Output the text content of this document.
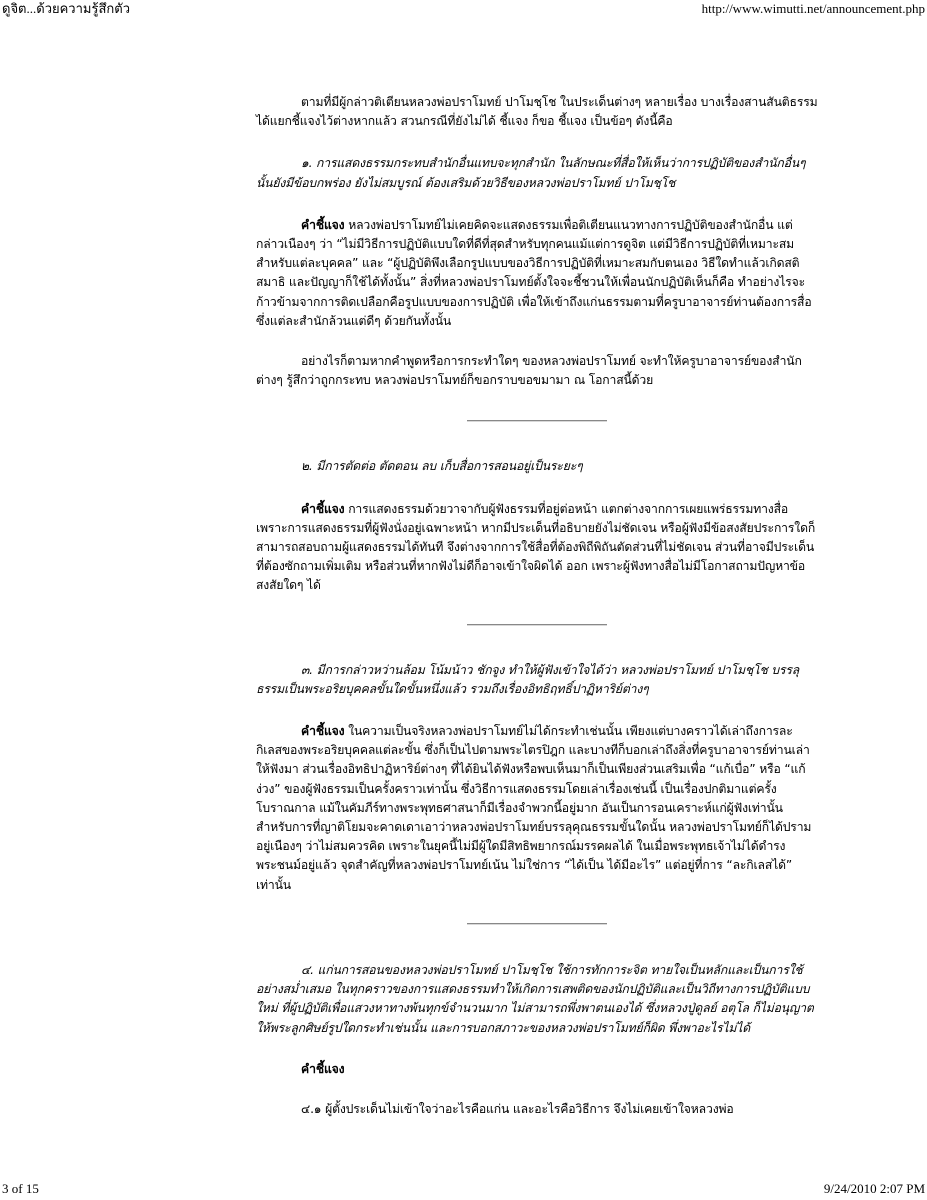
ดูจิต...ด้วยความรู้สึกตัว	http://www.wimutti.net/announcement.php

ตามที่มีผู้กล่าวติเตียนหลวงพ่อปราโมทย์ ปาโมชฺโช ในประเด็นต่างๆ หลายเรื่อง บางเรื่องสานสันติธรรมได้แยกชี้แจงไว้ต่างหากแล้ว สวนกรณีที่ยังไม่ได้ ชี้แจง ก็ขอ ชี้แจง เป็นข้อๆ ดังนี้คือ

๑. การแสดงธรรมกระทบสำนักอื่นแทบจะทุกสำนัก ในลักษณะที่สื่อให้เห็นว่าการปฏิบัติของสำนักอื่นๆนั้นยังมีข้อบกพร่อง ยังไม่สมบูรณ์ ต้องเสริมด้วยวิธีของหลวงพ่อปราโมทย์ ปาโมชฺโช

คำชี้แจง หลวงพ่อปราโมทย์ไม่เคยคิดจะแสดงธรรมเพื่อติเตียนแนวทางการปฏิบัติของสำนักอื่น แต่กล่าวเนืองๆ ว่า “ไม่มีวิธีการปฏิบัติแบบใดที่ดีที่สุดสำหรับทุกคนแม้แต่การดูจิต แต่มีวิธีการปฏิบัติที่เหมาะสมสำหรับแต่ละบุคคล” และ “ผู้ปฏิบัติพึงเลือกรูปแบบของวิธีการปฏิบัติที่เหมาะสมกับตนเอง วิธีใดทำแล้วเกิดสติ สมาธิ และปัญญาก็ใช้ได้ทั้งนั้น” สิ่งที่หลวงพ่อปราโมทย์ตั้งใจจะชี้ชวนให้เพื่อนนักปฏิบัติเห็นก็คือ ทำอย่างไรจะก้าวข้ามจากการติดเปลือกคือรูปแบบของการปฏิบัติ เพื่อให้เข้าถึงแก่นธรรมตามที่ครูบาอาจารย์ท่านต้องการสื่อ ซึ่งแต่ละสำนักล้วนแต่ดีๆ ด้วยกันทั้งนั้น

อย่างไรก็ตามหากคำพูดหรือการกระทำใดๆ ของหลวงพ่อปราโมทย์ จะทำให้ครูบาอาจารย์ของสำนักต่างๆ รู้สึกว่าถูกกระทบ หลวงพ่อปราโมทย์ก็ขอกราบขอขมามา ณ โอกาสนี้ด้วย

๒. มีการตัดต่อ ตัดตอน ลบ เก็บสื่อการสอนอยู่เป็นระยะๆ

คำชี้แจง การแสดงธรรมด้วยวาจากับผู้ฟังธรรมที่อยู่ต่อหน้า แตกต่างจากการเผยแพร่ธรรมทางสื่อ เพราะการแสดงธรรมที่ผู้ฟังนั่งอยู่เฉพาะหน้า หากมีประเด็นที่อธิบายยังไม่ชัดเจน หรือผู้ฟังมีข้อสงสัยประการใดก็สามารถสอบถามผู้แสดงธรรมได้ทันที จึงต่างจากการใช้สื่อที่ต้องพิถีพิถันตัดส่วนที่ไม่ชัดเจน ส่วนที่อาจมีประเด็นที่ต้องซักถามเพิ่มเติม หรือส่วนที่หากฟังไม่ดีก็อาจเข้าใจผิดได้ ออก เพราะผู้ฟังทางสื่อไม่มีโอกาสถามปัญหาข้อสงสัยใดๆ ได้

๓. มีการกล่าวหว่านล้อม โน้มน้าว ชักจูง ทำให้ผู้ฟังเข้าใจได้ว่า หลวงพ่อปราโมทย์ ปาโมชฺโช บรรลุธรรมเป็นพระอริยบุคคลขั้นใดขั้นหนึ่งแล้ว รวมถึงเรื่องอิทธิฤทธิ์ปาฏิหาริย์ต่างๆ

คำชี้แจง ในความเป็นจริงหลวงพ่อปราโมทย์ไม่ได้กระทำเช่นนั้น เพียงแต่บางคราวได้เล่าถึงการละกิเลสของพระอริยบุคคลแต่ละขั้น ซึ่งก็เป็นไปตามพระไตรปิฎก และบางทีก็บอกเล่าถึงสิ่งที่ครูบาอาจารย์ท่านเล่าให้ฟังมา ส่วนเรื่องอิทธิปาฏิหาริย์ต่างๆ ที่ได้ยินได้ฟังหรือพบเห็นมาก็เป็นเพียงส่วนเสริมเพื่อ “แก้เบื่อ” หรือ “แก้ง่วง” ของผู้ฟังธรรมเป็นครั้งคราวเท่านั้น ซึ่งวิธีการแสดงธรรมโดยเล่าเรื่องเช่นนี้ เป็นเรื่องปกติมาแต่ครั้งโบราณกาล แม้ในคัมภีร์ทางพระพุทธศาสนาก็มีเรื่องจำพวกนี้อยู่มาก อันเป็นการอนเคราะห์แก่ผู้ฟังเท่านั้น สำหรับการที่ญาติโยมจะคาดเดาเอาว่าหลวงพ่อปราโมทย์บรรลุคุณธรรมขั้นใดนั้น หลวงพ่อปราโมทย์ก็ได้ปรามอยู่เนืองๆ ว่าไม่สมควรคิด เพราะในยุคนี้ไม่มีผู้ใดมีสิทธิพยากรณ์มรรคผลได้ ในเมื่อพระพุทธเจ้าไม่ได้ดำรงพระชนม์อยู่แล้ว จุดสำคัญที่หลวงพ่อปราโมทย์เน้น ไม่ใช่การ “ได้เป็น ได้มีอะไร” แต่อยู่ที่การ “ละกิเลสได้” เท่านั้น

๔. แก่นการสอนของหลวงพ่อปราโมทย์ ปาโมชฺโช ใช้การทักการะจิต ทายใจเป็นหลักและเป็นการใช้อย่างสม่ำเสมอ ในทุกคราวของการแสดงธรรมทำให้เกิดการเสพติดของนักปฏิบัติและเป็นวิถีทางการปฏิบัติแบบใหม่ ที่ผู้ปฏิบัติเพื่อแสวงหาทางพ้นทุกข์จำนวนมาก ไม่สามารถพึ่งพาตนเองได้ ซึ่งหลวงปู่ดูลย์ อตุโล ก็ไม่อนุญาตให้พระลูกศิษย์รูปใดกระทำเช่นนั้น และการบอกสภาวะของหลวงพ่อปราโมทย์ก็ผิด พึ่งพาอะไรไม่ได้

คำชี้แจง

๔.๑ ผู้ตั้งประเด็นไม่เข้าใจว่าอะไรคือแก่น และอะไรคือวิธีการ จึงไม่เคยเข้าใจหลวงพ่อ

3 of 15	9/24/2010 2:07 PM
